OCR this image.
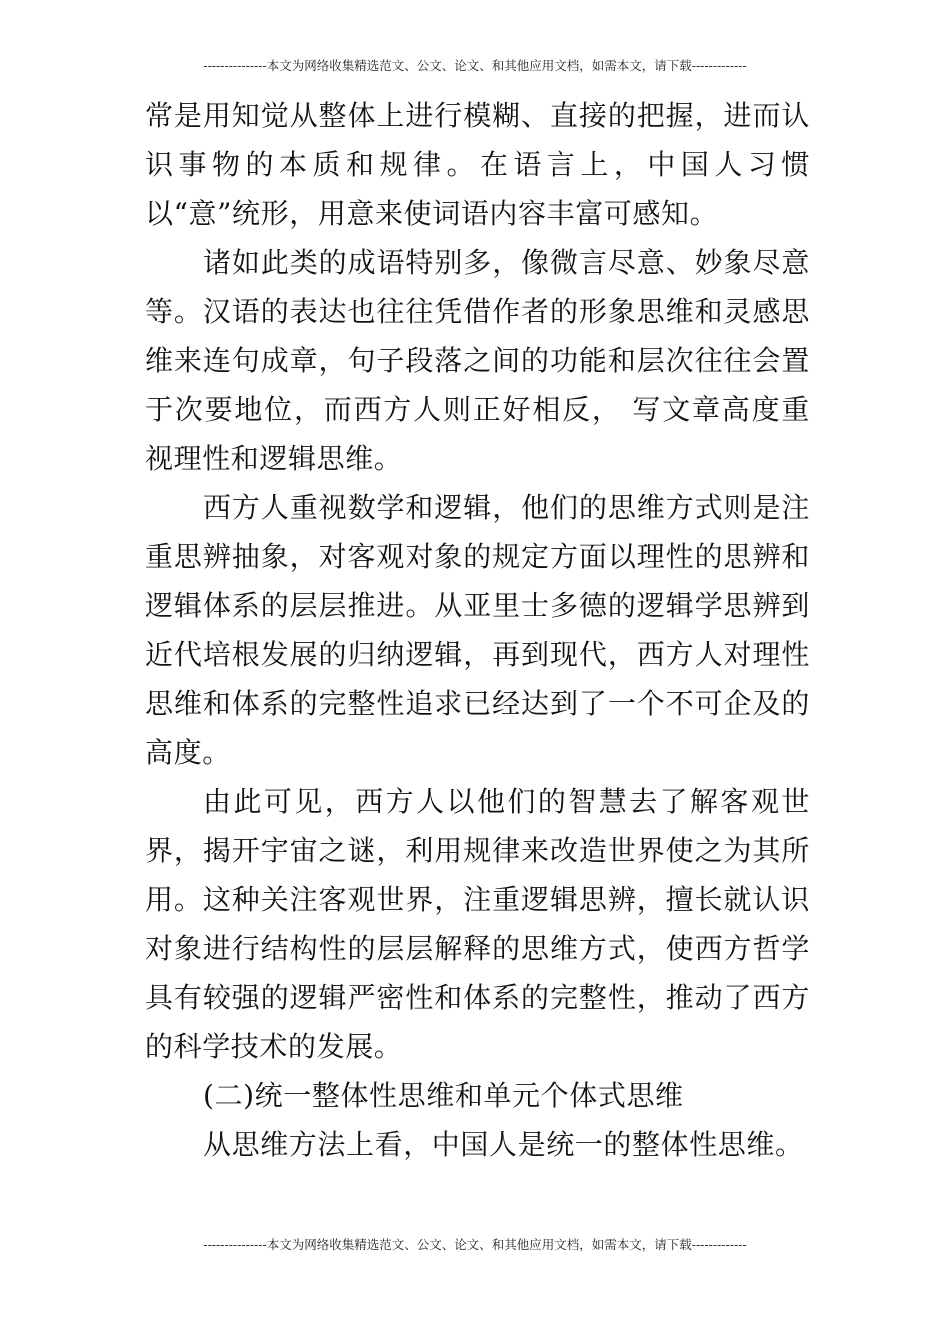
---------------本文为网络收集精选范文、公文、论文、和其他应用文档，如需本文，请下载-------------

常是用知觉从整体上进行模糊、直接的把握，进而认识事物的本质和规律。在语言上，中国人习惯以“意”统形，用意来使词语内容丰富可感知。

诸如此类的成语特别多，像微言尽意、妙象尽意等。汉语的表达也往往凭借作者的形象思维和灵感思维来连句成章，句子段落之间的功能和层次往往会置于次要地位，而西方人则正好相反， 写文章高度重视理性和逻辑思维。

西方人重视数学和逻辑，他们的思维方式则是注重思辨抽象，对客观对象的规定方面以理性的思辨和逻辑体系的层层推进。从亚里士多德的逻辑学思辨到近代培根发展的归纳逻辑，再到现代，西方人对理性思维和体系的完整性追求已经达到了一个不可企及的高度。

由此可见，西方人以他们的智慧去了解客观世界，揭开宇宙之谜，利用规律来改造世界使之为其所用。这种关注客观世界，注重逻辑思辨，擅长就认识对象进行结构性的层层解释的思维方式，使西方哲学具有较强的逻辑严密性和体系的完整性，推动了西方的科学技术的发展。

(二)统一整体性思维和单元个体式思维

从思维方法上看，中国人是统一的整体性思维。

---------------本文为网络收集精选范文、公文、论文、和其他应用文档，如需本文，请下载-------------
